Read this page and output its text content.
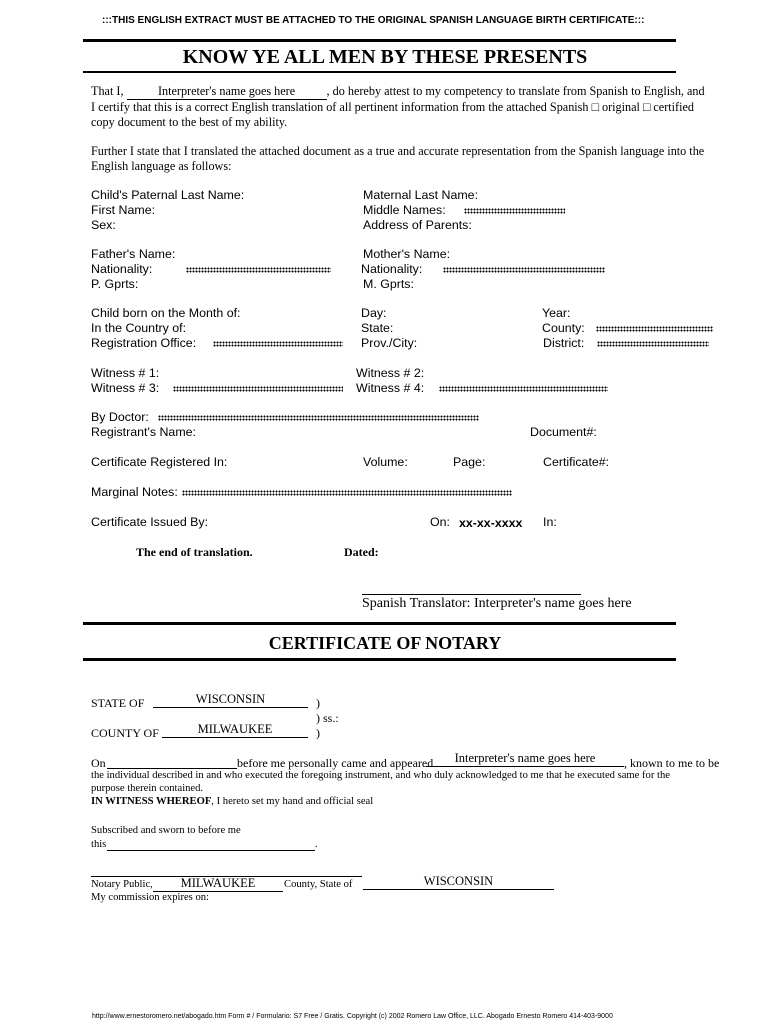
:::THIS ENGLISH EXTRACT MUST BE ATTACHED TO THE ORIGINAL SPANISH LANGUAGE BIRTH CERTIFICATE:::
KNOW YE ALL MEN BY THESE PRESENTS
That I,	Interpreter's name goes here	, do hereby attest to my competency to translate from Spanish to English, and
I certify that this is a correct English translation of all pertinent information from the attached Spanish □ original □ certified
copy document to the best of my ability.
Further I state that I translated the attached document as a true and accurate representation from the Spanish language into the English language as follows:
Child's Paternal Last Name:	Maternal Last Name:
First Name:	Middle Names:
Sex:	Address of Parents:
Father's Name:	Mother's Name:
Nationality:	Nationality:
P. Gprts:	M. Gprts:
Child born on the Month of:	Day:	Year:
In the Country of:	State:	County:
Registration Office:	Prov./City:	District:
Witness # 1:	Witness # 2:
Witness # 3:	Witness # 4:
By Doctor:
Registrant's Name:	Document#:
Certificate Registered In:	Volume:	Page:	Certificate#:
Marginal Notes:
Certificate Issued By:	On: xx-xx-xxxx In:
The end of translation.	Dated:
Spanish Translator: Interpreter's name goes here
CERTIFICATE OF NOTARY
STATE OF	WISCONSIN	)
) ss.:
COUNTY OF	MILWAUKEE	)
On	before me personally came and appeared	Interpreter's name goes here	, known to me to be
the individual described in and who executed the foregoing instrument, and who duly acknowledged to me that he executed same for the
purpose therein contained.
IN WITNESS WHEREOF, I hereto set my hand and official seal
Subscribed and sworn to before me
this	.
Notary Public,	MILWAUKEE	County, State of	WISCONSIN
My commission expires on:
http://www.ernestoromero.net/abogado.htm Form # / Formulario: S7 Free / Gratis. Copyright (c) 2002 Romero Law Office, LLC. Abogado Ernesto Romero 414-403-9000
